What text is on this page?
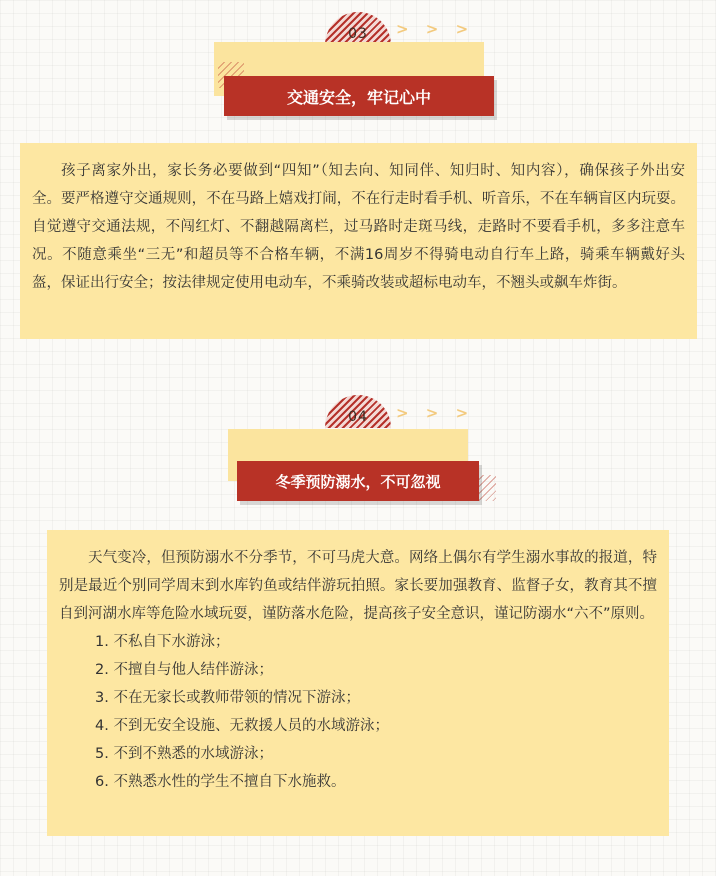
03	> > >
交通安全，牢记心中

孩子离家外出，家长务必要做到“四知”（知去向、知同伴、知归时、知内容），确保孩子外出安全。要严格遵守交通规则，不在马路上嬉戏打闹，不在行走时看手机、听音乐，不在车辆盲区内玩耍。自觉遵守交通法规，不闯红灯、不翻越隔离栏，过马路时走斑马线，走路时不要看手机，多多注意车况。不随意乘坐“三无”和超员等不合格车辆，不满16周岁不得骑电动自行车上路，骑乘车辆戴好头盔，保证出行安全；按法律规定使用电动车，不乘骑改装或超标电动车，不翘头或飙车炸街。

04	> > >
冬季预防溺水，不可忽视

天气变冷，但预防溺水不分季节，不可马虎大意。网络上偶尔有学生溺水事故的报道，特别是最近个别同学周末到水库钓鱼或结伴游玩拍照。家长要加强教育、监督子女，教育其不擅自到河湖水库等危险水域玩耍，谨防落水危险，提高孩子安全意识，谨记防溺水“六不”原则。

1. 不私自下水游泳；
2. 不擅自与他人结伴游泳；
3. 不在无家长或教师带领的情况下游泳；
4. 不到无安全设施、无救援人员的水域游泳；
5. 不到不熟悉的水域游泳；
6. 不熟悉水性的学生不擅自下水施救。
